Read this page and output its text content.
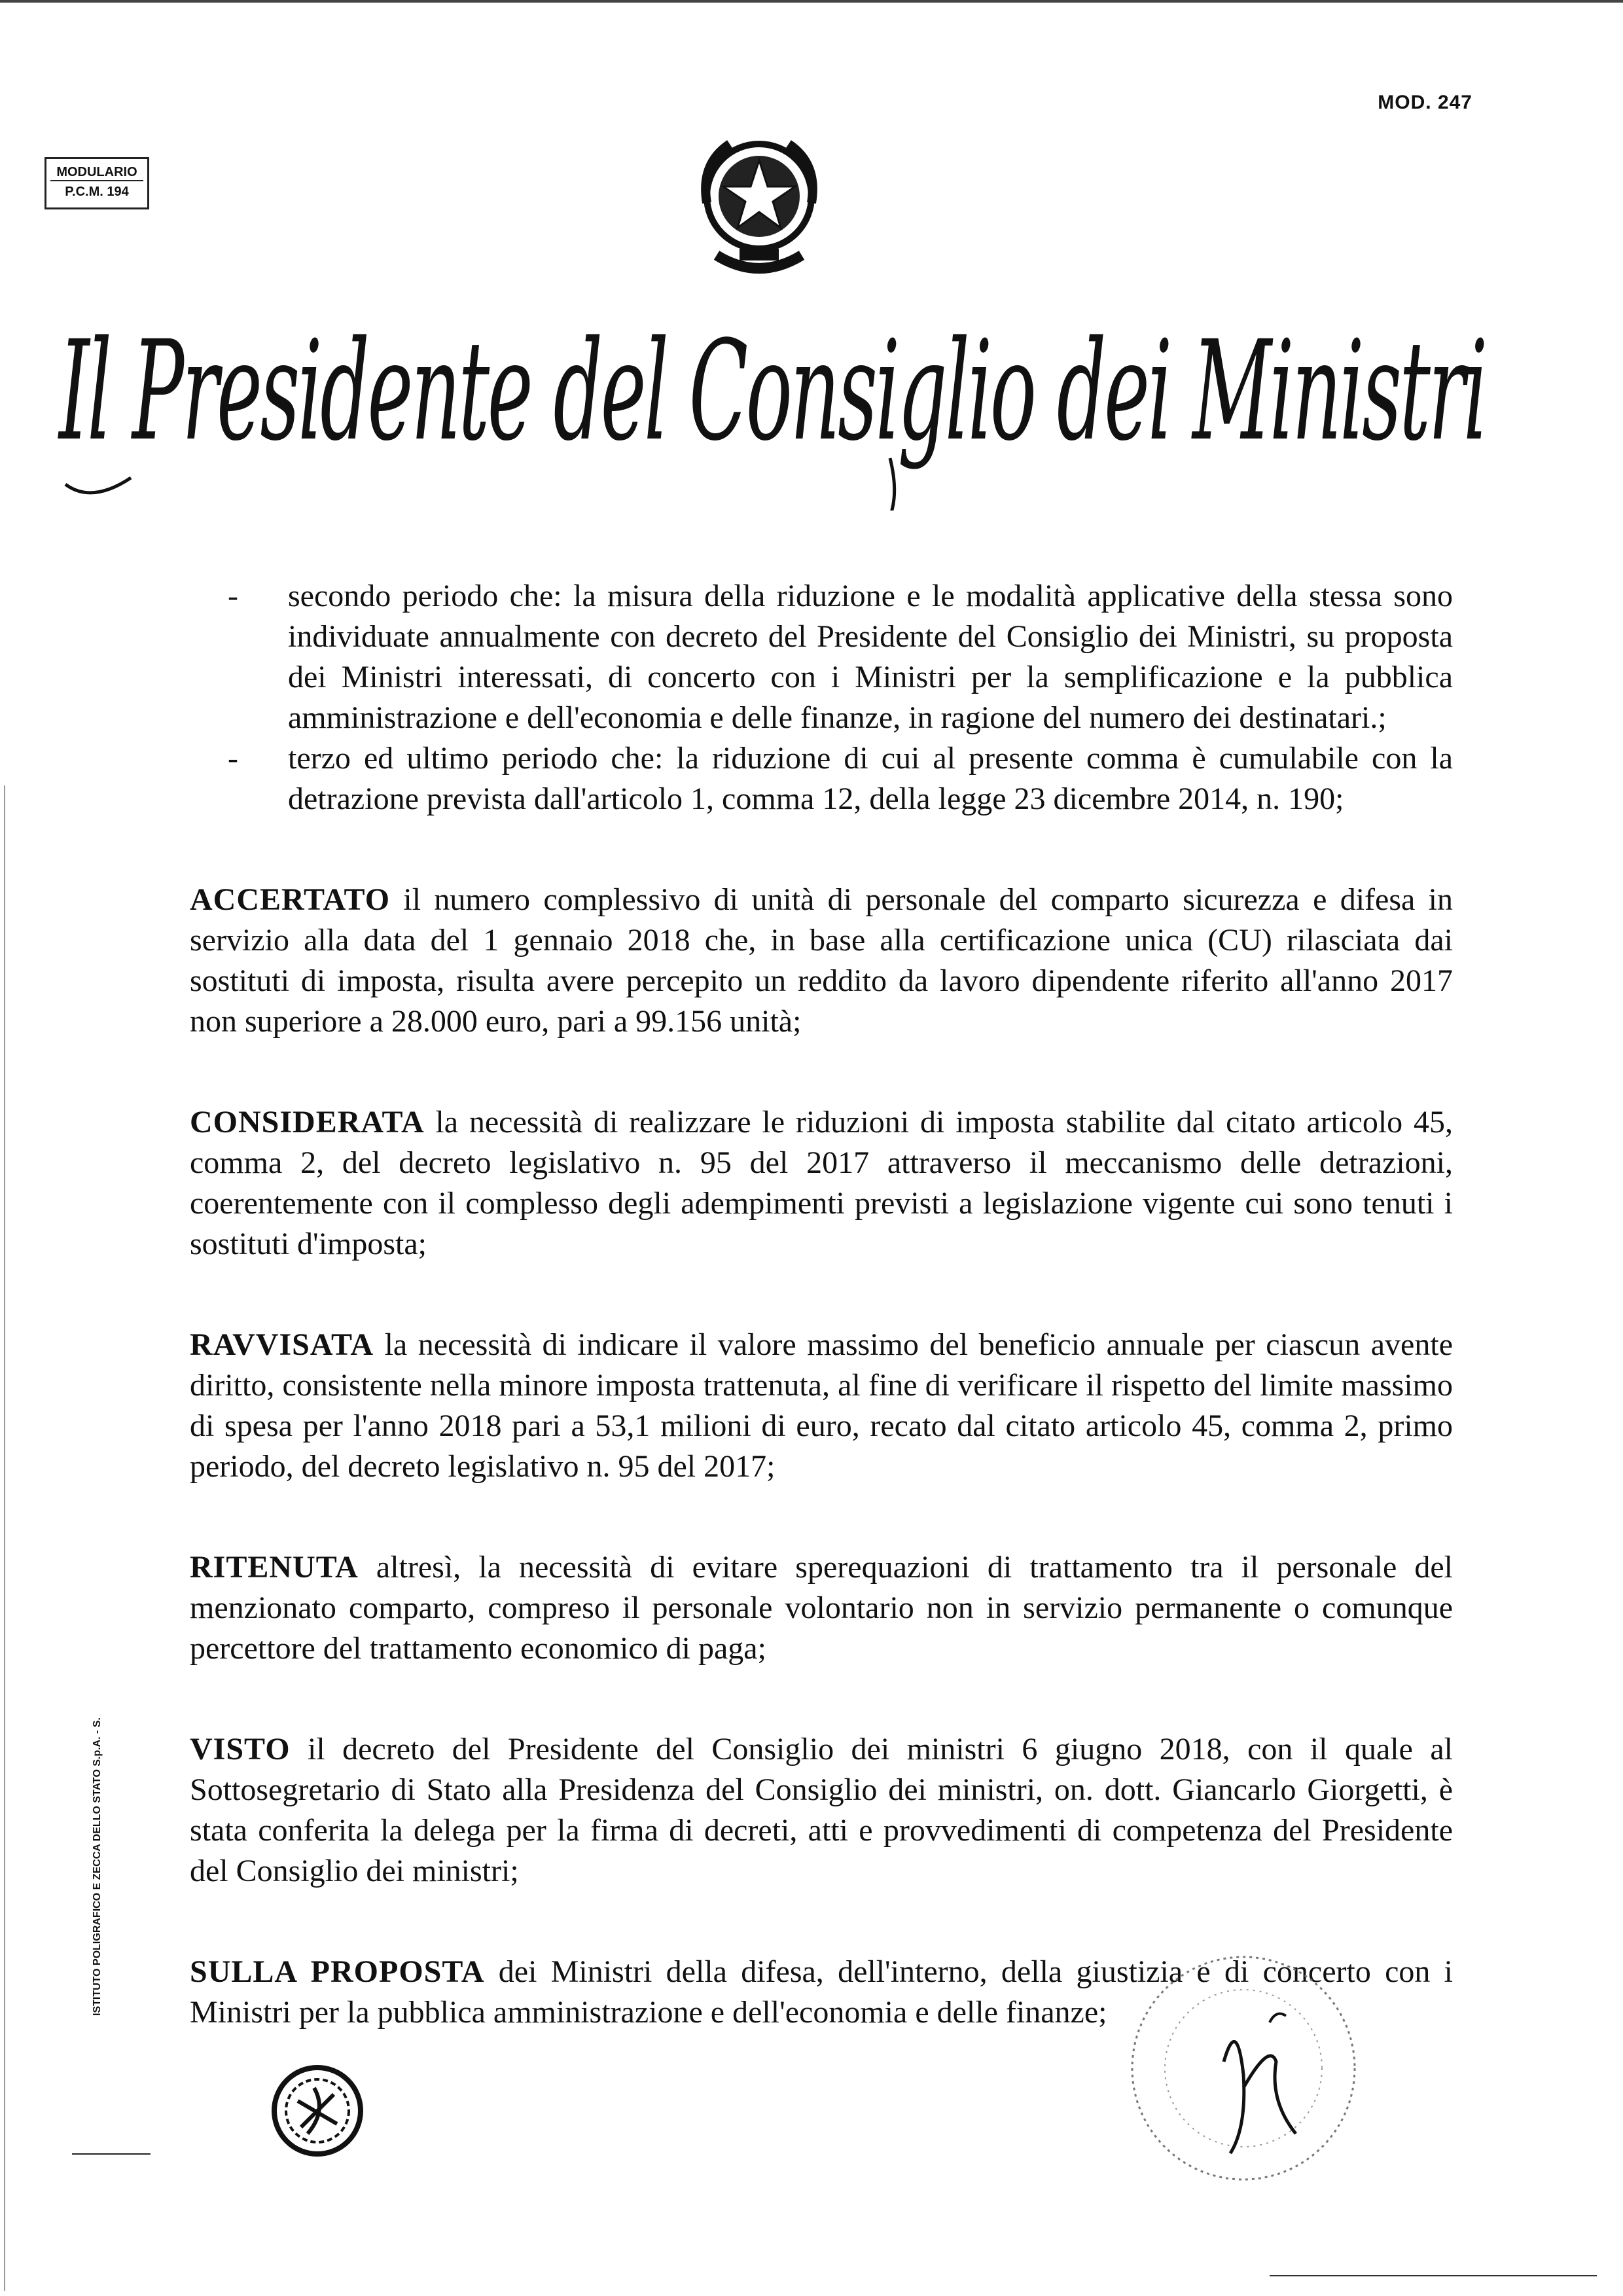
MOD. 247
MODULARIO
P.C.M. 194
Il Presidente del Consiglio dei Ministri

- secondo periodo che: la misura della riduzione e le modalità applicative della stessa sono individuate annualmente con decreto del Presidente del Consiglio dei Ministri, su proposta dei Ministri interessati, di concerto con i Ministri per la semplificazione e la pubblica amministrazione e dell'economia e delle finanze, in ragione del numero dei destinatari.;

- terzo ed ultimo periodo che: la riduzione di cui al presente comma è cumulabile con la detrazione prevista dall'articolo 1, comma 12, della legge 23 dicembre 2014, n. 190;

ACCERTATO il numero complessivo di unità di personale del comparto sicurezza e difesa in servizio alla data del 1 gennaio 2018 che, in base alla certificazione unica (CU) rilasciata dai sostituti di imposta, risulta avere percepito un reddito da lavoro dipendente riferito all'anno 2017 non superiore a 28.000 euro, pari a 99.156 unità;

CONSIDERATA la necessità di realizzare le riduzioni di imposta stabilite dal citato articolo 45, comma 2, del decreto legislativo n. 95 del 2017 attraverso il meccanismo delle detrazioni, coerentemente con il complesso degli adempimenti previsti a legislazione vigente cui sono tenuti i sostituti d'imposta;

RAVVISATA la necessità di indicare il valore massimo del beneficio annuale per ciascun avente diritto, consistente nella minore imposta trattenuta, al fine di verificare il rispetto del limite massimo di spesa per l'anno 2018 pari a 53,1 milioni di euro, recato dal citato articolo 45, comma 2, primo periodo, del decreto legislativo n. 95 del 2017;

RITENUTA altresì, la necessità di evitare sperequazioni di trattamento tra il personale del menzionato comparto, compreso il personale volontario non in servizio permanente o comunque percettore del trattamento economico di paga;

VISTO il decreto del Presidente del Consiglio dei ministri 6 giugno 2018, con il quale al Sottosegretario di Stato alla Presidenza del Consiglio dei ministri, on. dott. Giancarlo Giorgetti, è stata conferita la delega per la firma di decreti, atti e provvedimenti di competenza del Presidente del Consiglio dei ministri;

SULLA PROPOSTA dei Ministri della difesa, dell'interno, della giustizia e di concerto con i Ministri per la pubblica amministrazione e dell'economia e delle finanze;

ISTITUTO POLIGRAFICO E ZECCA DELLO STATO S.p.A. - S.
